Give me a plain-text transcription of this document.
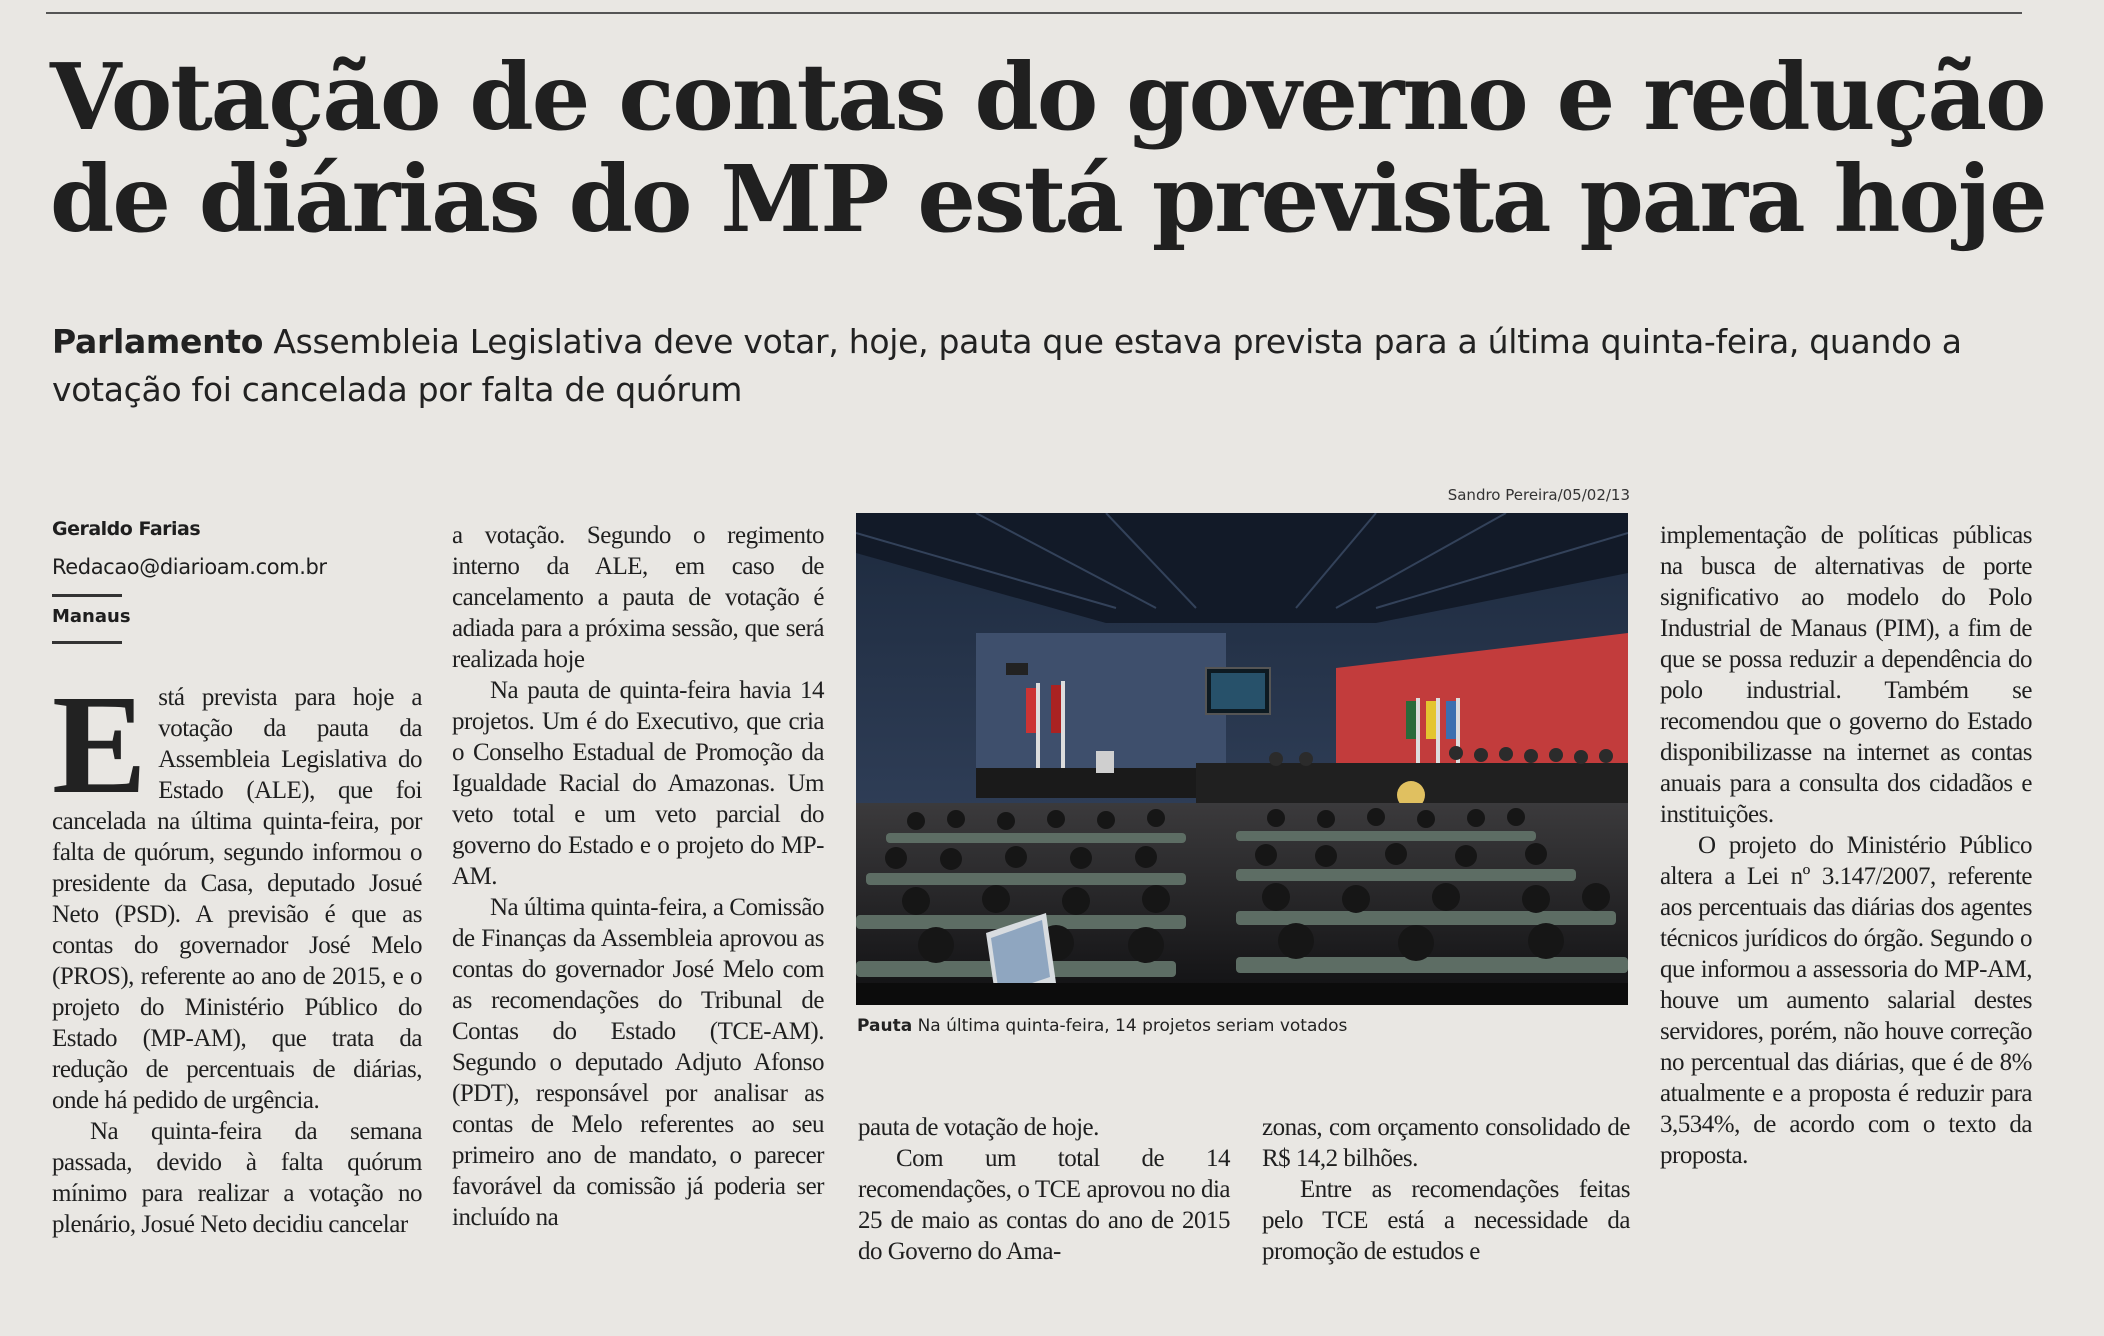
Votação de contas do governo e redução
de diárias do MP está prevista para hoje

Parlamento Assembleia Legislativa deve votar, hoje, pauta que estava prevista para a última quinta-feira, quando a votação foi cancelada por falta de quórum

Geraldo Farias
Redacao@diarioam.com.br
Manaus

Está prevista para hoje a votação da pauta da Assembleia Legislativa do Estado (ALE), que foi cancelada na última quinta-feira, por falta de quórum, segundo informou o presidente da Casa, deputado Josué Neto (PSD). A previsão é que as contas do governador José Melo (PROS), referente ao ano de 2015, e o projeto do Ministério Público do Estado (MP-AM), que trata da redução de percentuais de diárias, onde há pedido de urgência.

Na quinta-feira da semana passada, devido à falta quórum mínimo para realizar a votação no plenário, Josué Neto decidiu cancelar

a votação. Segundo o regimento interno da ALE, em caso de cancelamento a pauta de votação é adiada para a próxima sessão, que será realizada hoje

Na pauta de quinta-feira havia 14 projetos. Um é do Executivo, que cria o Conselho Estadual de Promoção da Igualdade Racial do Amazonas. Um veto total e um veto parcial do governo do Estado e o projeto do MP-AM.

Na última quinta-feira, a Comissão de Finanças da Assembleia aprovou as contas do governador José Melo com as recomendações do Tribunal de Contas do Estado (TCE-AM). Segundo o deputado Adjuto Afonso (PDT), responsável por analisar as contas de Melo referentes ao seu primeiro ano de mandato, o parecer favorável da comissão já poderia ser incluído na

Sandro Pereira/05/02/13
Pauta Na última quinta-feira, 14 projetos seriam votados

pauta de votação de hoje.

Com um total de 14 recomendações, o TCE aprovou no dia 25 de maio as contas do ano de 2015 do Governo do Ama-

zonas, com orçamento consolidado de R$ 14,2 bilhões.

Entre as recomendações feitas pelo TCE está a necessidade da promoção de estudos e

implementação de políticas públicas na busca de alternativas de porte significativo ao modelo do Polo Industrial de Manaus (PIM), a fim de que se possa reduzir a dependência do polo industrial. Também se recomendou que o governo do Estado disponibilizasse na internet as contas anuais para a consulta dos cidadãos e instituições.

O projeto do Ministério Público altera a Lei nº 3.147/2007, referente aos percentuais das diárias dos agentes técnicos jurídicos do órgão. Segundo o que informou a assessoria do MP-AM, houve um aumento salarial destes servidores, porém, não houve correção no percentual das diárias, que é de 8% atualmente e a proposta é reduzir para 3,534%, de acordo com o texto da proposta.
